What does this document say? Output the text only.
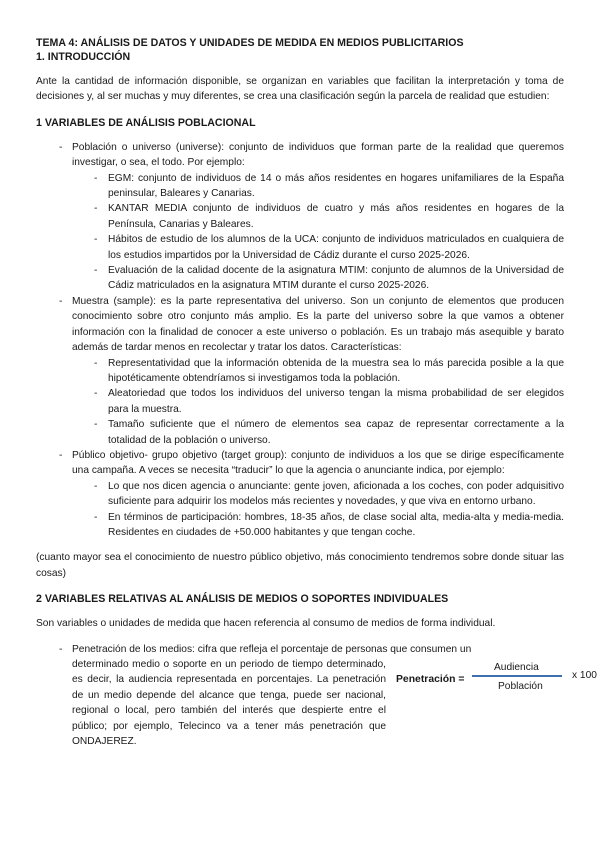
TEMA 4: ANÁLISIS DE DATOS Y UNIDADES DE MEDIDA EN MEDIOS PUBLICITARIOS

1. INTRODUCCIÓN

Ante la cantidad de información disponible, se organizan en variables que facilitan la interpretación y toma de decisiones y, al ser muchas y muy diferentes, se crea una clasificación según la parcela de realidad que estudien:

1 VARIABLES DE ANÁLISIS POBLACIONAL
- Población o universo (universe): conjunto de individuos que forman parte de la realidad que queremos investigar, o sea, el todo. Por ejemplo:
- EGM: conjunto de individuos de 14 o más años residentes en hogares unifamiliares de la España peninsular, Baleares y Canarias.
- KANTAR MEDIA conjunto de individuos de cuatro y más años residentes en hogares de la Península, Canarias y Baleares.
- Hábitos de estudio de los alumnos de la UCA: conjunto de individuos matriculados en cualquiera de los estudios impartidos por la Universidad de Cádiz durante el curso 2025-2026.
- Evaluación de la calidad docente de la asignatura MTIM: conjunto de alumnos de la Universidad de Cádiz matriculados en la asignatura MTIM durante el curso 2025-2026.
- Muestra (sample): es la parte representativa del universo. Son un conjunto de elementos que producen conocimiento sobre otro conjunto más amplio. Es la parte del universo sobre la que vamos a obtener información con la finalidad de conocer a este universo o población. Es un trabajo más asequible y barato además de tardar menos en recolectar y tratar los datos. Características:
- Representatividad que la información obtenida de la muestra sea lo más parecida posible a la que hipotéticamente obtendríamos si investigamos toda la población.
- Aleatoriedad que todos los individuos del universo tengan la misma probabilidad de ser elegidos para la muestra.
- Tamaño suficiente que el número de elementos sea capaz de representar correctamente a la totalidad de la población o universo.
- Público objetivo- grupo objetivo (target group): conjunto de individuos a los que se dirige específicamente una campaña. A veces se necesita “traducir” lo que la agencia o anunciante indica, por ejemplo:
- Lo que nos dicen agencia o anunciante: gente joven, aficionada a los coches, con poder adquisitivo suficiente para adquirir los modelos más recientes y novedades, y que viva en entorno urbano.
- En términos de participación: hombres, 18-35 años, de clase social alta, media-alta y media-media. Residentes en ciudades de +50.000 habitantes y que tengan coche.

(cuanto mayor sea el conocimiento de nuestro público objetivo, más conocimiento tendremos sobre donde situar las cosas)

2 VARIABLES RELATIVAS AL ANÁLISIS DE MEDIOS O SOPORTES INDIVIDUALES

Son variables o unidades de medida que hacen referencia al consumo de medios de forma individual.

- Penetración de los medios: cifra que refleja el porcentaje de personas que consumen un
determinado medio o soporte en un periodo de tiempo determinado, es decir, la audiencia representada en porcentajes. La penetración de un medio depende del alcance que tenga, puede ser nacional, regional o local, pero también del interés que despierte entre el público; por ejemplo, Telecinco va a tener más penetración que ONDAJEREZ.
Penetración =
Audiencia
Población
x 100
